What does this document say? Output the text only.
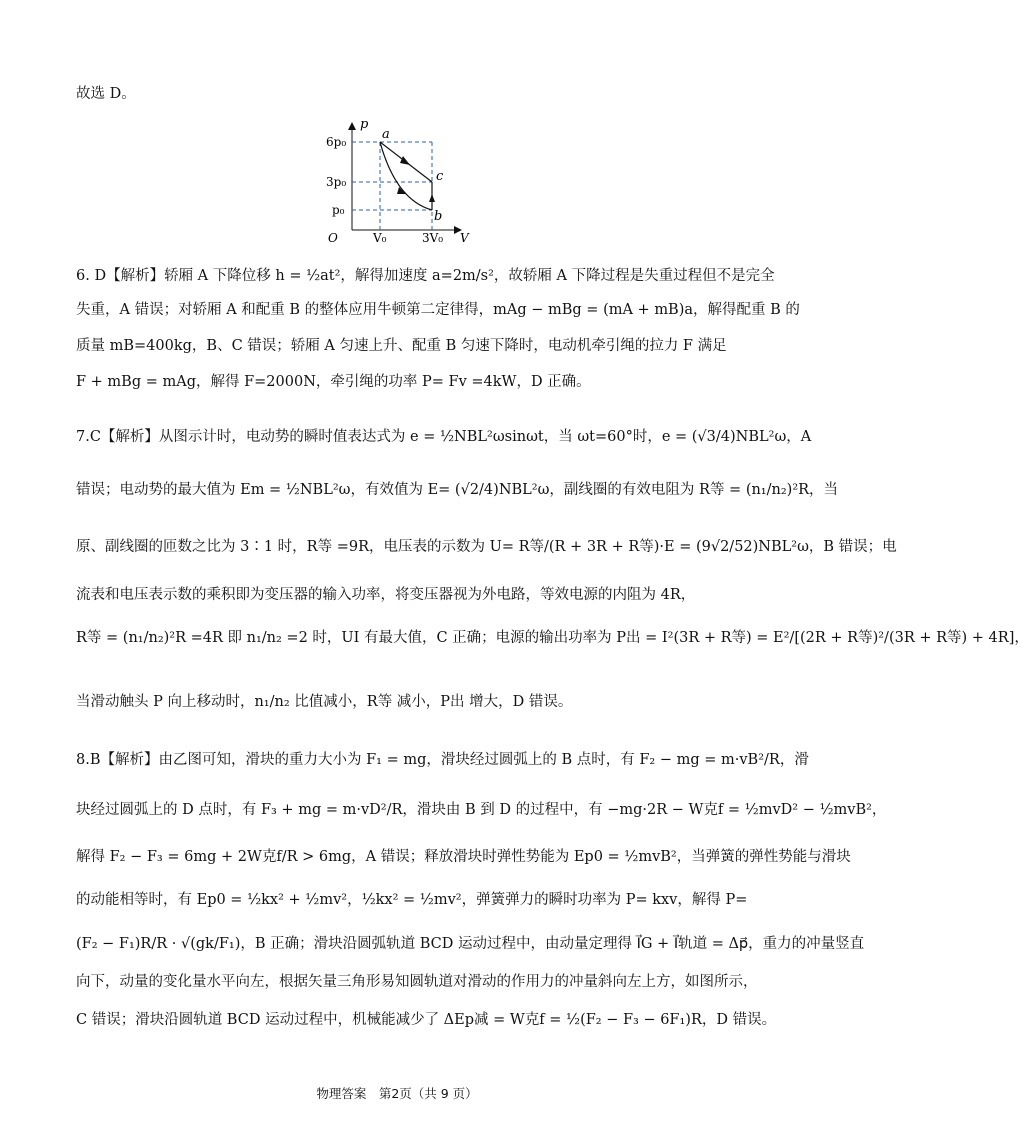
故选 D。
p
V
O
6p₀
3p₀
p₀
V₀	3V₀
a
b
c
6. D【解析】轿厢 A 下降位移 h = ½at²，解得加速度 a=2m/s²，故轿厢 A 下降过程是失重过程但不是完全
失重，A 错误；对轿厢 A 和配重 B 的整体应用牛顿第二定律得，mAg − mBg = (mA + mB)a，解得配重 B 的
质量 mB=400kg，B、C 错误；轿厢 A 匀速上升、配重 B 匀速下降时，电动机牵引绳的拉力 F 满足
F + mBg = mAg，解得 F=2000N，牵引绳的功率 P= Fv =4kW，D 正确。
7.C【解析】从图示计时，电动势的瞬时值表达式为 e = ½NBL²ωsinωt，当 ωt=60°时，e = (√3/4)NBL²ω，A
错误；电动势的最大值为 Em = ½NBL²ω，有效值为 E= (√2/4)NBL²ω，副线圈的有效电阻为 R等 = (n₁/n₂)²R，当
原、副线圈的匝数之比为 3∶1 时，R等 =9R，电压表的示数为 U= R等/(R + 3R + R等)·E = (9√2/52)NBL²ω，B 错误；电
流表和电压表示数的乘积即为变压器的输入功率，将变压器视为外电路，等效电源的内阻为 4R，
R等 = (n₁/n₂)²R =4R 即 n₁/n₂ =2 时，UI 有最大值，C 正确；电源的输出功率为 P出 = I²(3R + R等) = E²/[(2R + R等)²/(3R + R等) + 4R]，
当滑动触头 P 向上移动时，n₁/n₂ 比值减小，R等 减小，P出 增大，D 错误。
8.B【解析】由乙图可知，滑块的重力大小为 F₁ = mg，滑块经过圆弧上的 B 点时，有 F₂ − mg = m·vB²/R，滑
块经过圆弧上的 D 点时，有 F₃ + mg = m·vD²/R，滑块由 B 到 D 的过程中，有 −mg·2R − W克f = ½mvD² − ½mvB²，
解得 F₂ − F₃ = 6mg + 2W克f/R > 6mg，A 错误；释放滑块时弹性势能为 Ep0 = ½mvB²，当弹簧的弹性势能与滑块
的动能相等时，有 Ep0 = ½kx² + ½mv²，½kx² = ½mv²，弹簧弹力的瞬时功率为 P= kxv，解得 P=
(F₂ − F₁)R/R · √(gk/F₁)，B 正确；滑块沿圆弧轨道 BCD 运动过程中，由动量定理得 I⃗G + I⃗轨道 = Δp⃗，重力的冲量竖直
向下，动量的变化量水平向左，根据矢量三角形易知圆轨道对滑动的作用力的冲量斜向左上方，如图所示，
C 错误；滑块沿圆轨道 BCD 运动过程中，机械能减少了 ΔEp减 = W克f = ½(F₂ − F₃ − 6F₁)R，D 错误。
物理答案　第2页（共 9 页）
